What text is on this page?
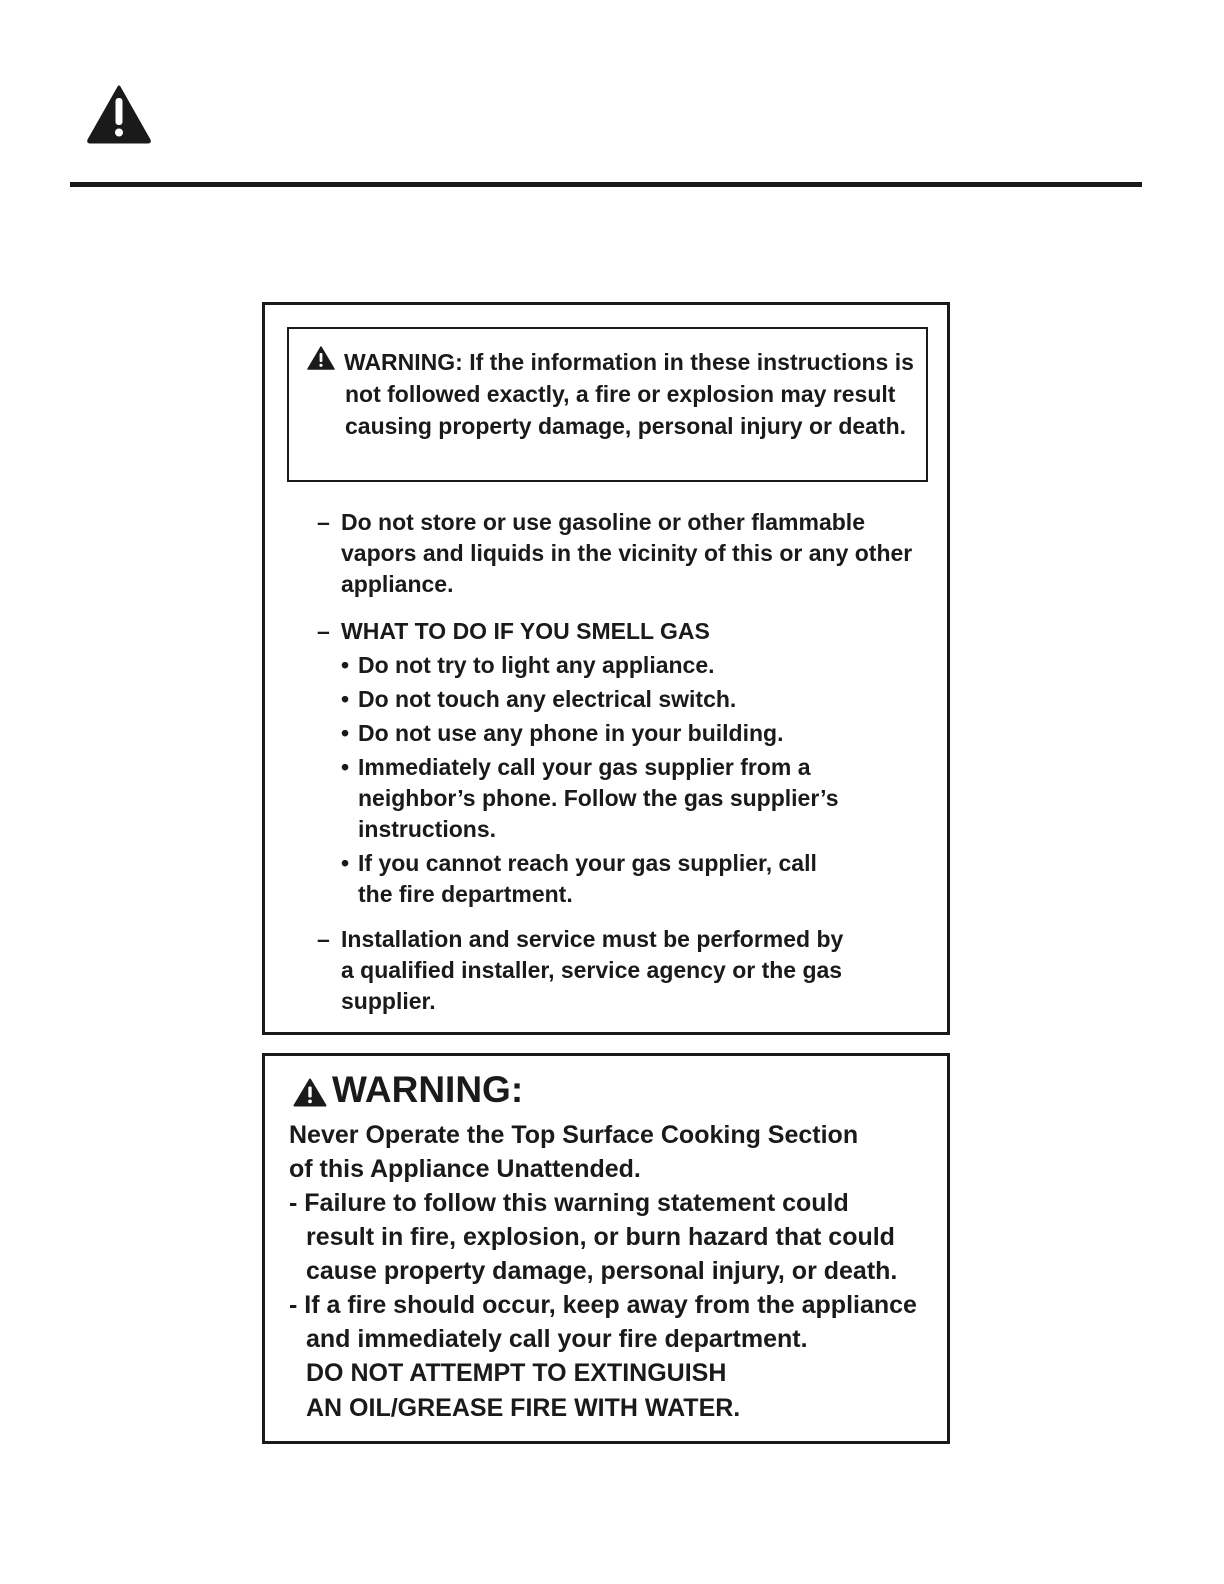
WARNING: If the information in these instructions is not followed exactly, a fire or explosion may result causing property damage, personal injury or death.
– Do not store or use gasoline or other flammable vapors and liquids in the vicinity of this or any other appliance.
– WHAT TO DO IF YOU SMELL GAS
• Do not try to light any appliance.
• Do not touch any electrical switch.
• Do not use any phone in your building.
• Immediately call your gas supplier from a neighbor’s phone. Follow the gas supplier’s instructions.
• If you cannot reach your gas supplier, call the fire department.
– Installation and service must be performed by a qualified installer, service agency or the gas supplier.
WARNING:
Never Operate the Top Surface Cooking Section
of this Appliance Unattended.
- Failure to follow this warning statement could
result in fire, explosion, or burn hazard that could
cause property damage, personal injury, or death.
- If a fire should occur, keep away from the appliance
and immediately call your fire department.
DO NOT ATTEMPT TO EXTINGUISH
AN OIL/GREASE FIRE WITH WATER.
